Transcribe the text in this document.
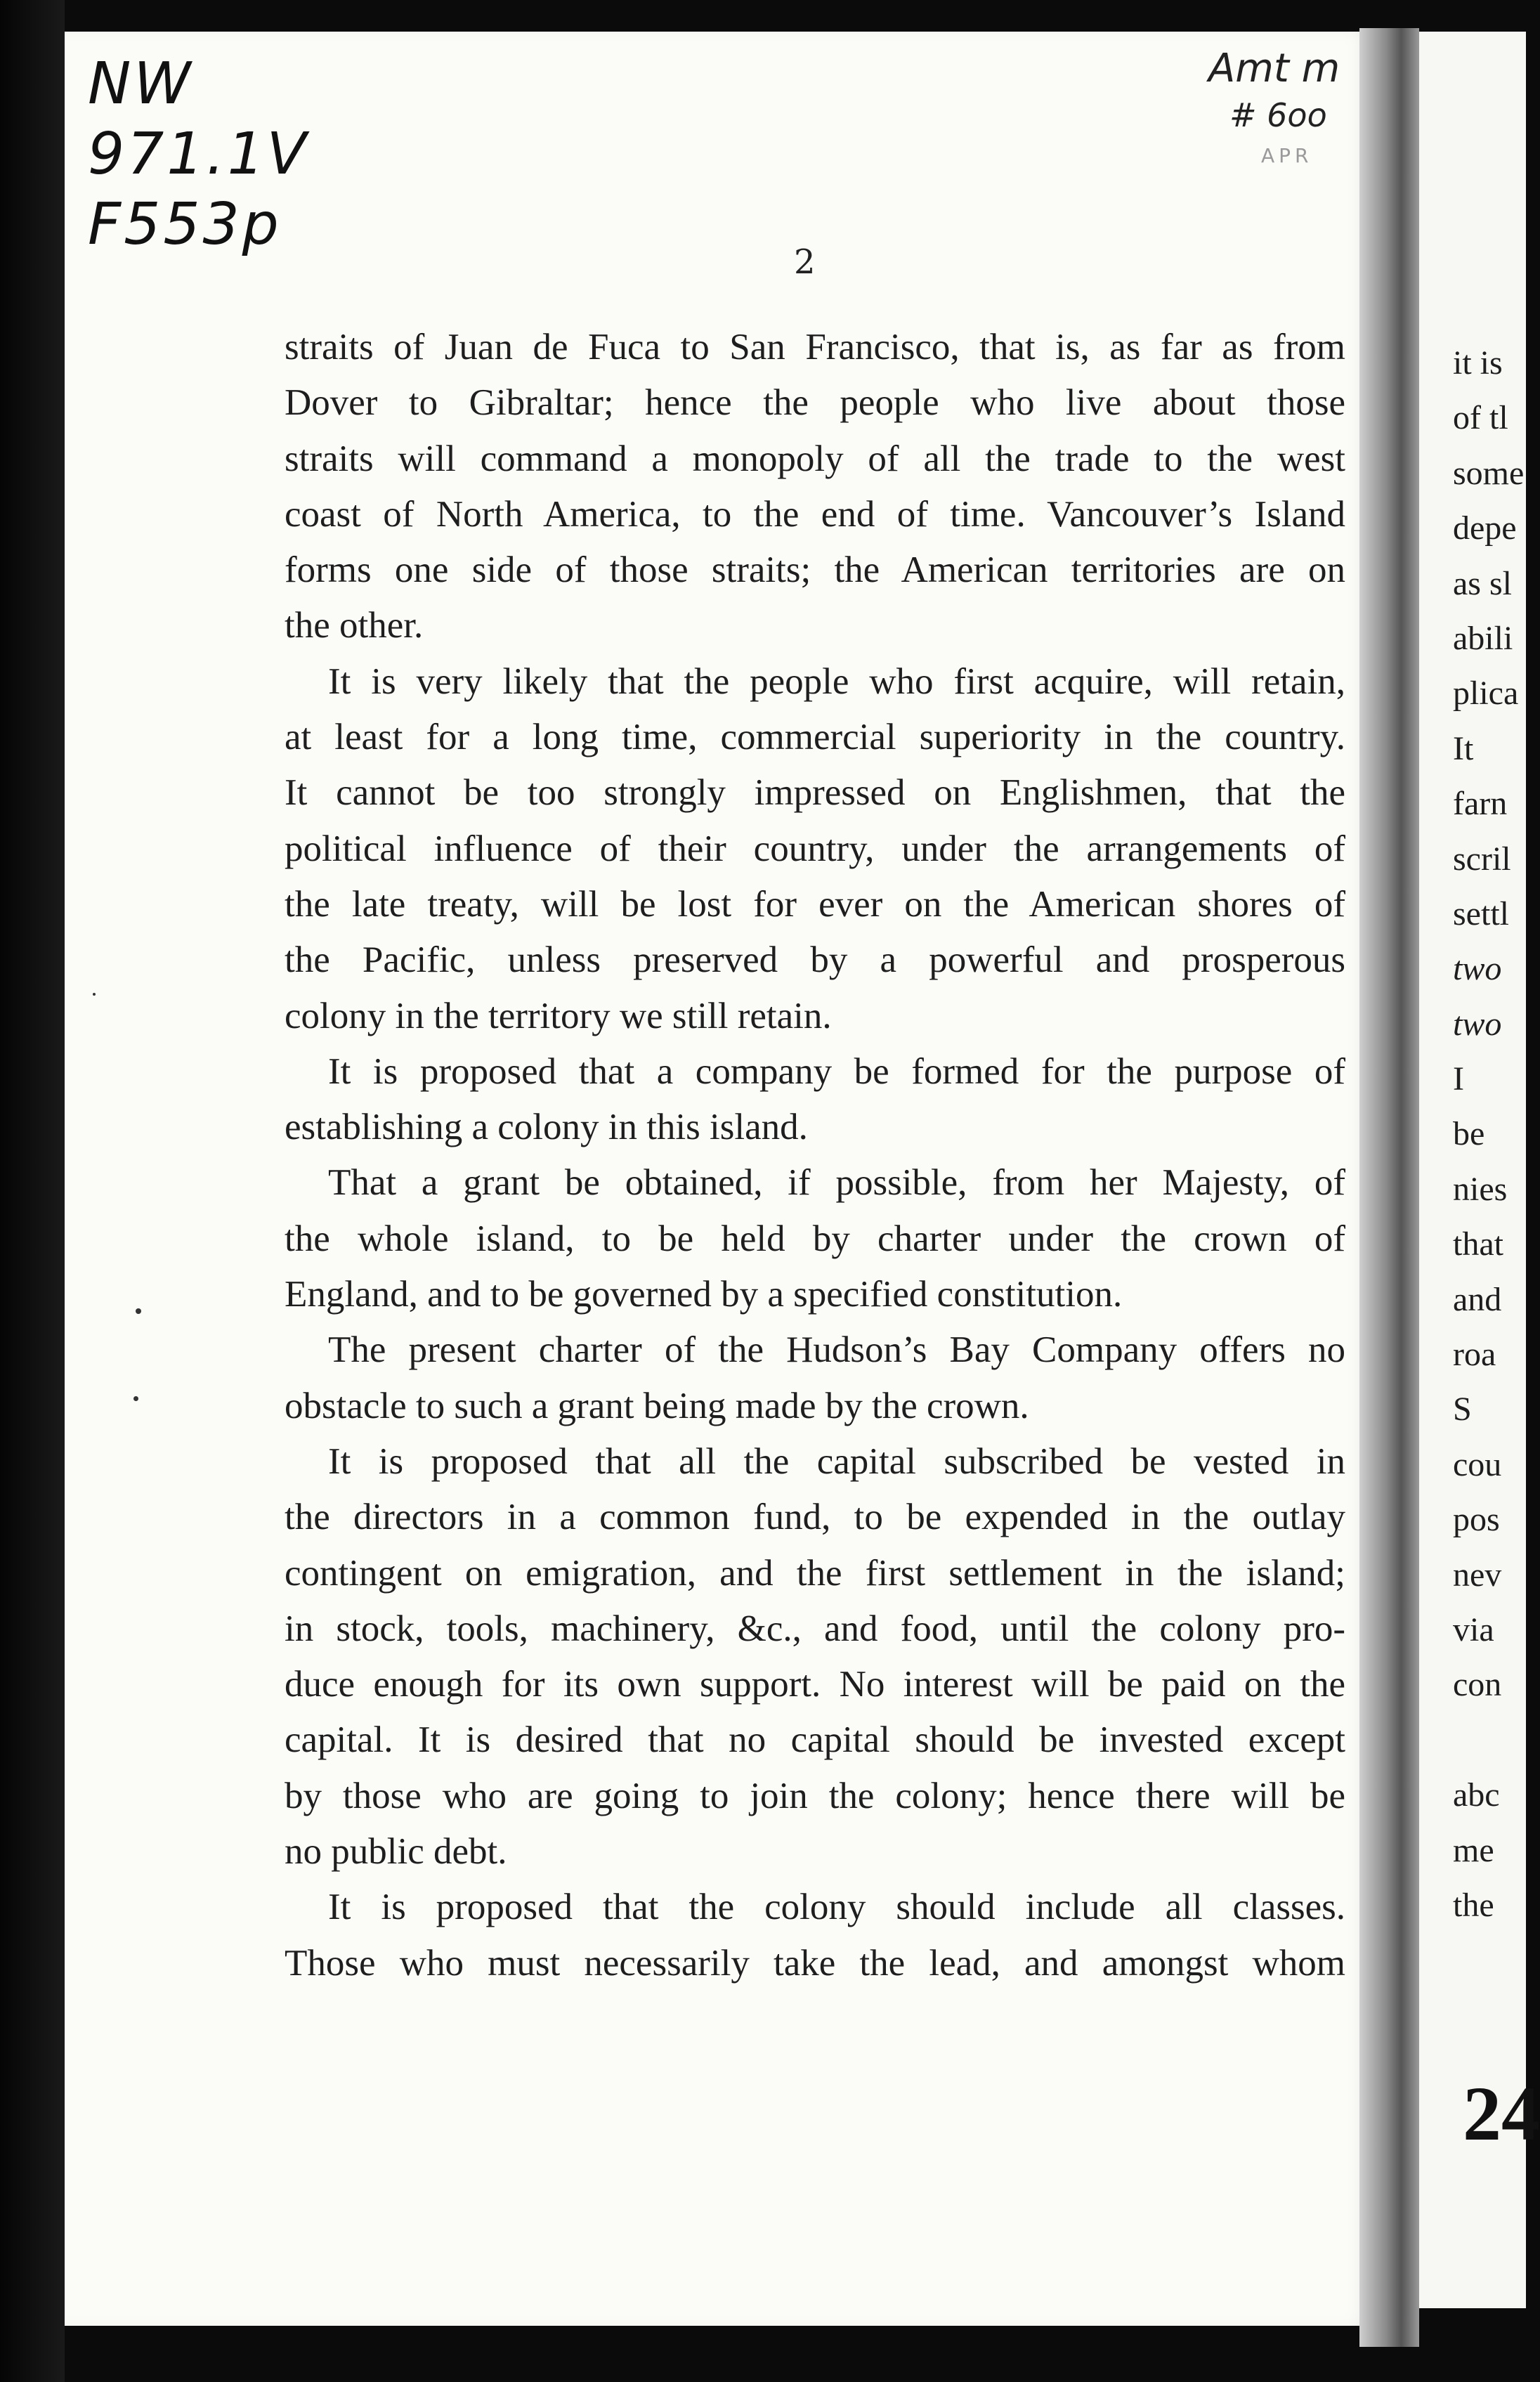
NW
971.1V
F553p
Amt m
# 6oo
APR
2

straits of Juan de Fuca to San Francisco, that is, as far as from

Dover to Gibraltar; hence the people who live about those

straits will command a monopoly of all the trade to the west

coast of North America, to the end of time. Vancouver’s Island

forms one side of those straits; the American territories are on

the other.

It is very likely that the people who first acquire, will retain,

at least for a long time, commercial superiority in the country.

It cannot be too strongly impressed on Englishmen, that the

political influence of their country, under the arrangements of

the late treaty, will be lost for ever on the American shores of

the Pacific, unless preserved by a powerful and prosperous

colony in the territory we still retain.

It is proposed that a company be formed for the purpose of

establishing a colony in this island.

That a grant be obtained, if possible, from her Majesty, of

the whole island, to be held by charter under the crown of

England, and to be governed by a specified constitution.

The present charter of the Hudson’s Bay Company offers no

obstacle to such a grant being made by the crown.

It is proposed that all the capital subscribed be vested in

the directors in a common fund, to be expended in the outlay

contingent on emigration, and the first settlement in the island;

in stock, tools, machinery, &c., and food, until the colony pro-

duce enough for its own support. No interest will be paid on the

capital. It is desired that no capital should be invested except

by those who are going to join the colony; hence there will be

no public debt.

It is proposed that the colony should include all classes.

Those who must necessarily take the lead, and amongst whom

it is
of tl
some
depe
as sl
abili
plica
It
farn
scril
settl
two
two
I
be
nies
that
and
roa
S
cou
pos
nev
via
con
abc
me
the
24
